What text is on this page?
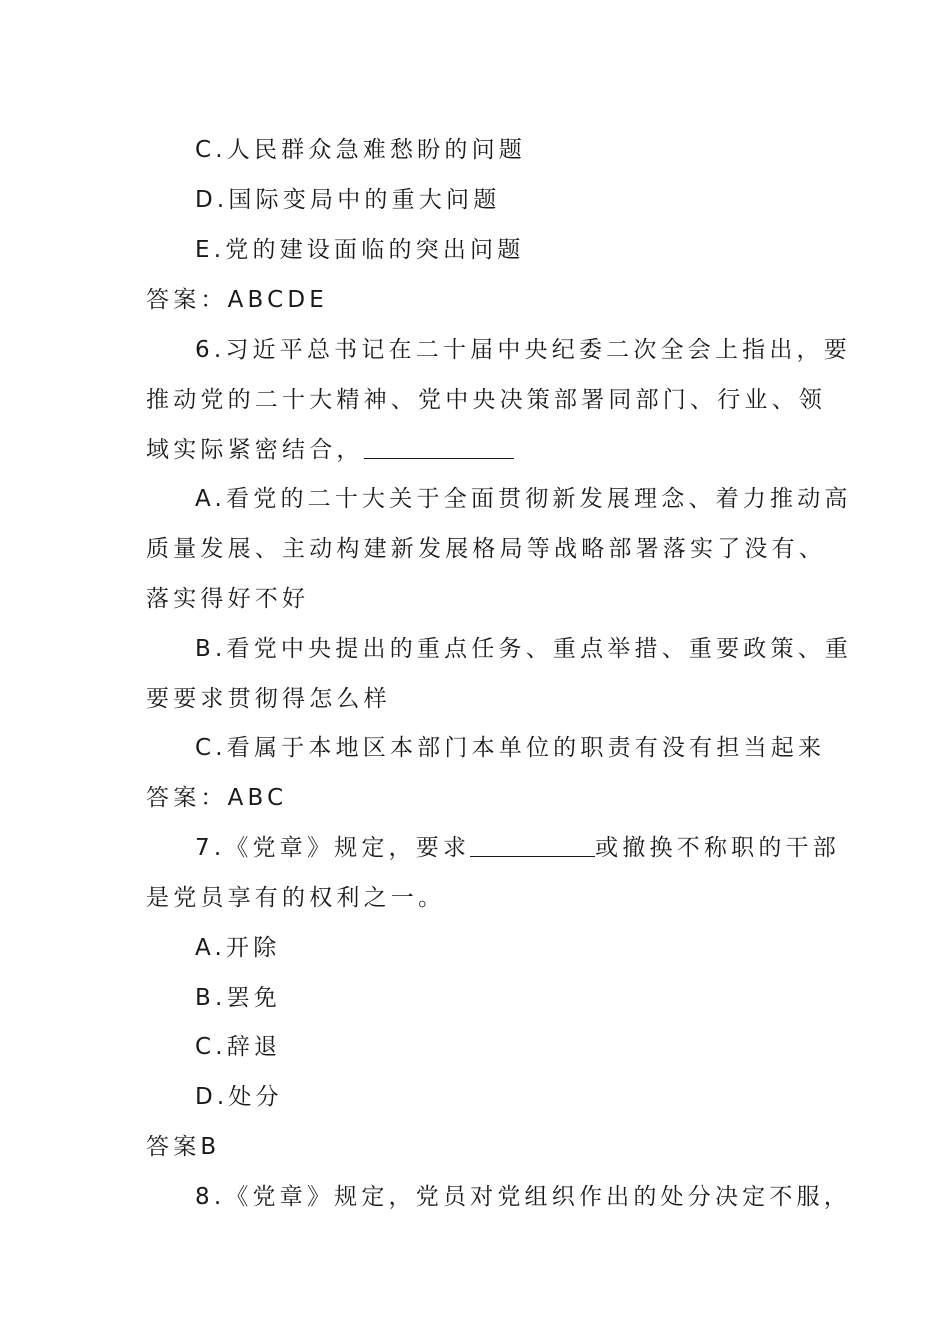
C.人民群众急难愁盼的问题
D.国际变局中的重大问题
E.党的建设面临的突出问题
答案：ABCDE
6.习近平总书记在二十届中央纪委二次全会上指出，要
推动党的二十大精神、党中央决策部署同部门、行业、领
域实际紧密结合，
A.看党的二十大关于全面贯彻新发展理念、着力推动高
质量发展、主动构建新发展格局等战略部署落实了没有、
落实得好不好
B.看党中央提出的重点任务、重点举措、重要政策、重
要要求贯彻得怎么样
C.看属于本地区本部门本单位的职责有没有担当起来
答案：ABC
7.《党章》规定，要求	或撤换不称职的干部
是党员享有的权利之一。
A.开除
B.罢免
C.辞退
D.处分
答案B
8.《党章》规定，党员对党组织作出的处分决定不服，
